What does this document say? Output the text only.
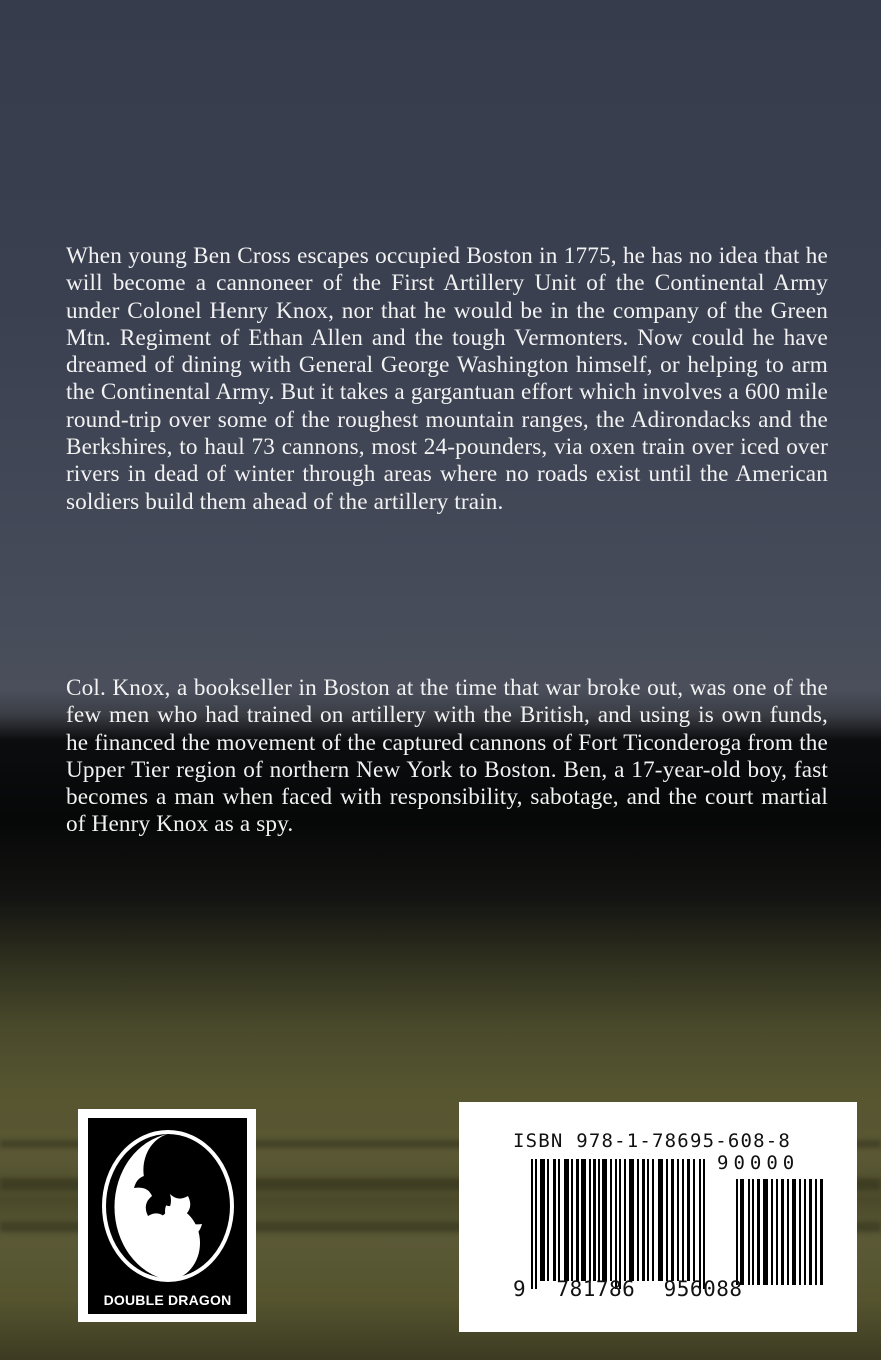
When young Ben Cross escapes occupied Boston in 1775, he has no idea that he will become a cannoneer of the First Artillery Unit of the Continental Army under Colonel Henry Knox, nor that he would be in the company of the Green Mtn. Regiment of Ethan Allen and the tough Vermonters. Now could he have dreamed of dining with General George Washington himself, or helping to arm the Continental Army. But it takes a gargantuan effort which involves a 600 mile round-trip over some of the roughest mountain ranges, the Adirondacks and the Berkshires, to haul 73 cannons, most 24-pounders, via oxen train over iced over rivers in dead of winter through areas where no roads exist until the American soldiers build them ahead of the artillery train.

Col. Knox, a bookseller in Boston at the time that war broke out, was one of the few men who had trained on artillery with the British, and using is own funds, he financed the movement of the captured cannons of Fort Ticonderoga from the Upper Tier region of northern New York to Boston. Ben, a 17-year-old boy, fast becomes a man when faced with responsibility, sabotage, and the court martial of Henry Knox as a spy.

DOUBLE DRAGON
ISBN 978-1-78695-608-8
90000
9 781786 956088
